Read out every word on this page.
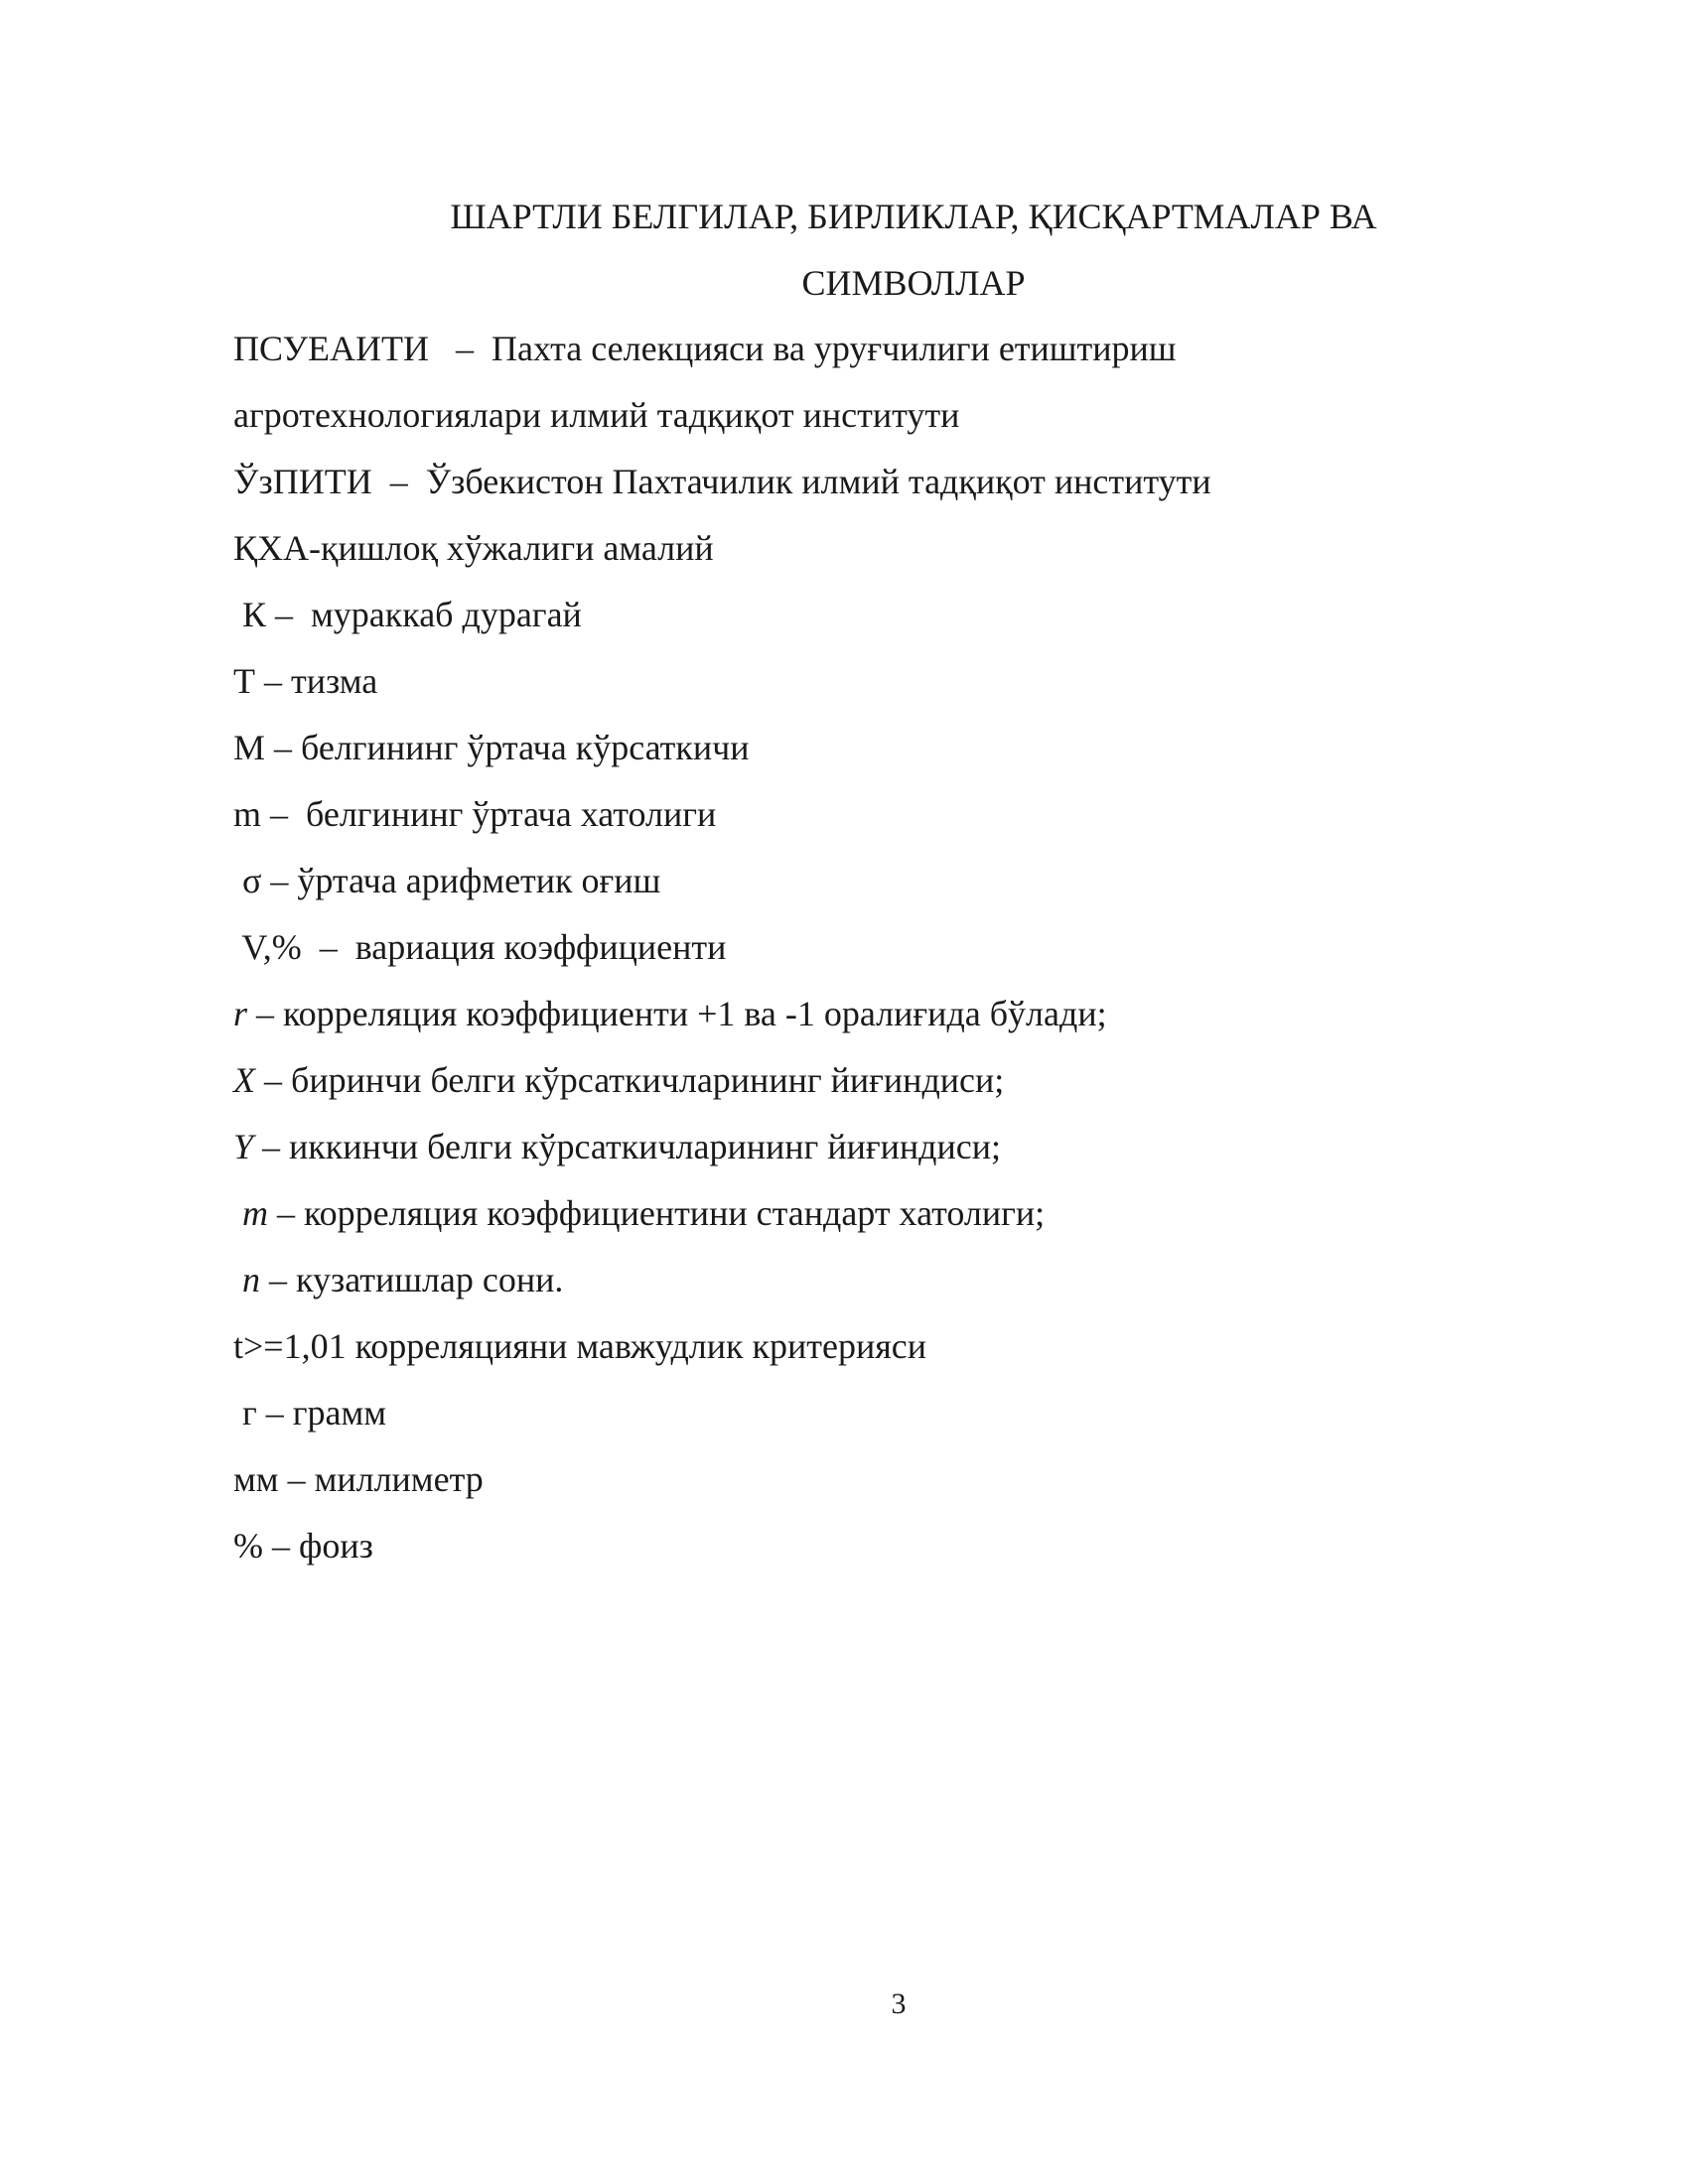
ШАРТЛИ БЕЛГИЛАР, БИРЛИКЛАР, ҚИСҚАРТМАЛАР ВА
СИМВОЛЛАР
ПСУЕАИТИ   –  Пахта селекцияси ва уруғчилиги етиштириш
агротехнологиялари илмий тадқиқот институти
ЎзПИТИ  –  Ўзбекистон Пахтачилик илмий тадқиқот институти
ҚХА-қишлоқ хўжалиги амалий
К –  мураккаб дурагай
Т – тизма
М – белгининг ўртача кўрсаткичи
m –  белгининг ўртача хатолиги
σ – ўртача арифметик оғиш
V,%  –  вариация коэффициенти
r – корреляция коэффициенти +1 ва -1 оралиғида бўлади;
X – биринчи белги кўрсаткичларининг йиғиндиси;
Y – иккинчи белги кўрсаткичларининг йиғиндиси;
m – корреляция коэффициентини стандарт хатолиги;
n – кузатишлар сони.
t>=1,01 корреляцияни мавжудлик критерияси
г – грамм
мм – миллиметр
% – фоиз
3
